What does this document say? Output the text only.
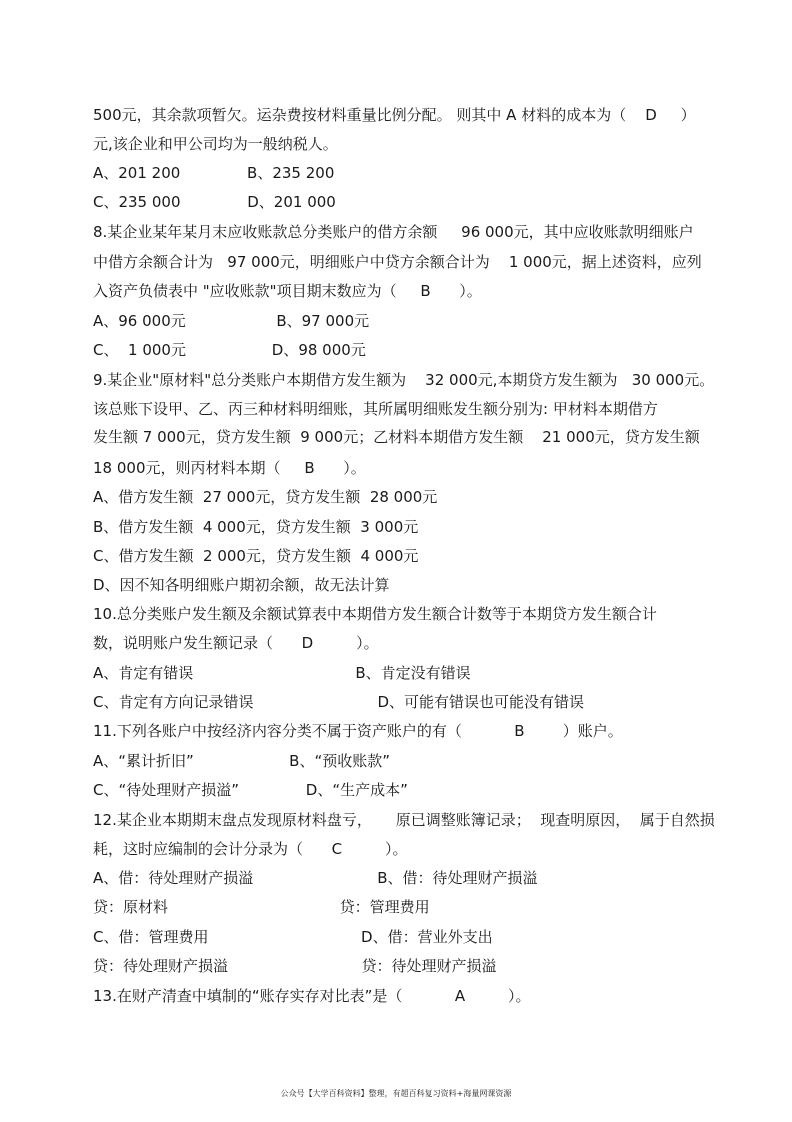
500元，其余款项暂欠。运杂费按材料重量比例分配。 则其中 A 材料的成本为（    D     ）
元,该企业和甲公司均为一般纳税人。
A、201 200              B、235 200
C、235 000              D、201 000
8.某企业某年某月末应收账款总分类账户的借方余额     96 000元，其中应收账款明细账户
中借方余额合计为   97 000元，明细账户中贷方余额合计为    1 000元，据上述资料，应列
入资产负债表中 "应收账款"项目期末数应为（     B      ）。
A、96 000元                   B、97 000元
C、  1 000元                  D、98 000元
9.某企业"原材料"总分类账户本期借方发生额为    32 000元,本期贷方发生额为   30 000元。
该总账下设甲、乙、丙三种材料明细账，其所属明细账发生额分别为: 甲材料本期借方
发生额 7 000元，贷方发生额  9 000元；乙材料本期借方发生额    21 000元，贷方发生额
18 000元，则丙材料本期（     B      ）。
A、借方发生额  27 000元，贷方发生额  28 000元
B、借方发生额  4 000元，贷方发生额  3 000元
C、借方发生额  2 000元，贷方发生额  4 000元
D、因不知各明细账户期初余额，故无法计算
10.总分类账户发生额及余额试算表中本期借方发生额合计数等于本期贷方发生额合计
数，说明账户发生额记录（      D         ）。
A、肯定有错误                                  B、肯定没有错误
C、肯定有方向记录错误                          D、可能有错误也可能没有错误
11.下列各账户中按经济内容分类不属于资产账户的有（           B        ）账户。
A、“累计折旧”                    B、“预收账款”
C、“待处理财产损溢”              D、“生产成本”
12.某企业本期期末盘点发现原材料盘亏，     原已调整账簿记录；  现查明原因，  属于自然损
耗，这时应编制的会计分录为（      C         ）。
A、借：待处理财产损溢                          B、借：待处理财产损溢
贷：原材料                                    贷：管理费用
C、借：管理费用                                D、借：营业外支出
贷：待处理财产损溢                            贷：待处理财产损溢
13.在财产清查中填制的“账存实存对比表”是（           A         ）。
公众号【大学百科资料】整理，有超百科复习资料+海量网课资源
